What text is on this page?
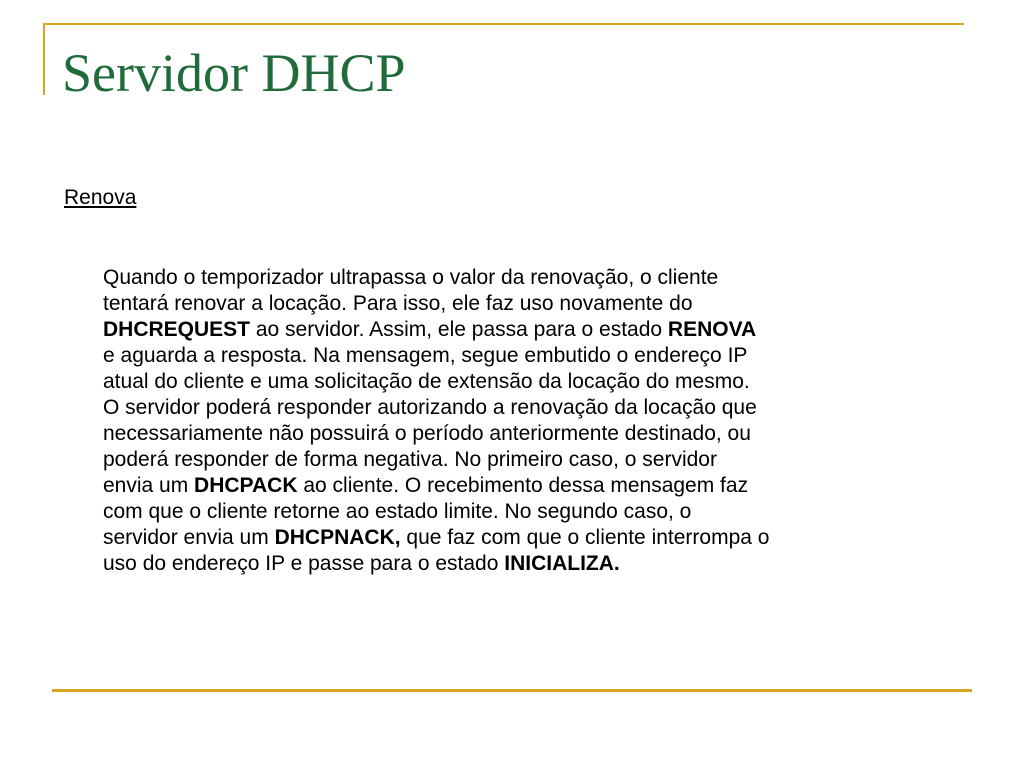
Servidor DHCP
Renova
Quando o temporizador ultrapassa o valor da renovação, o cliente
tentará renovar a locação. Para isso, ele faz uso novamente do
DHCREQUEST ao servidor. Assim, ele passa para o estado RENOVA
e aguarda a resposta. Na mensagem, segue embutido o endereço IP
atual do cliente e uma solicitação de extensão da locação do mesmo.
O servidor poderá responder autorizando a renovação da locação que
necessariamente não possuirá o período anteriormente destinado, ou
poderá responder de forma negativa. No primeiro caso, o servidor
envia um DHCPACK ao cliente. O recebimento dessa mensagem faz
com que o cliente retorne ao estado limite. No segundo caso, o
servidor envia um DHCPNACK, que faz com que o cliente interrompa o
uso do endereço IP e passe para o estado INICIALIZA.
